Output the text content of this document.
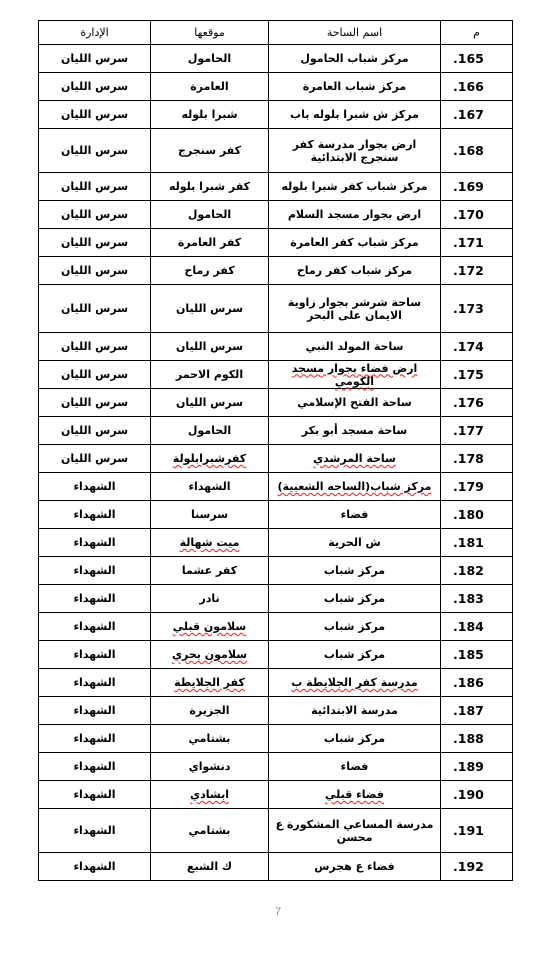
م	اسم الساحة	موقعها	الإدارة
.165	مركز شباب الحامول	الحامول	سرس الليان
.166	مركز شباب العامرة	العامرة	سرس الليان
.167	مركز ش شبرا بلوله باب	شبرا بلوله	سرس الليان
.168	ارض بجوار مدرسة كفر سنجرج الابتدائية	كفر سنجرج	سرس الليان
.169	مركز شباب كفر شبرا بلوله	كفر شبرا بلوله	سرس الليان
.170	ارض بجوار مسجد السلام	الحامول	سرس الليان
.171	مركز شباب كفر العامرة	كفر العامرة	سرس الليان
.172	مركز شباب كفر رماح	كفر رماح	سرس الليان
.173	ساحة شرشر بجوار زاوية الايمان على البحر	سرس الليان	سرس الليان
.174	ساحة المولد النبي	سرس الليان	سرس الليان
.175	ارض فضاء بجوار مسجد الكومي	الكوم الاحمر	سرس الليان
.176	ساحة الفتح الإسلامي	سرس الليان	سرس الليان
.177	ساحة مسجد أبو بكر	الحامول	سرس الليان
.178	ساحة المرشدي	كفرشبرابلولة	سرس الليان
.179	مركز شباب(الساحه الشعبية)	الشهداء	الشهداء
.180	فضاء	سرسنا	الشهداء
.181	ش الحرية	ميت شهالة	الشهداء
.182	مركز شباب	كفر عشما	الشهداء
.183	مركز شباب	نادر	الشهداء
.184	مركز شباب	سلامون قبلي	الشهداء
.185	مركز شباب	سلامون بحري	الشهداء
.186	مدرسة كفر الجلايطة ب	كفر الجلايطة	الشهداء
.187	مدرسة الابتدائية	الجزيرة	الشهداء
.188	مركز شباب	بشتامي	الشهداء
.189	فضاء	دنشواي	الشهداء
.190	فضاء قبلي	ابشادي	الشهداء
.191	مدرسة المساعي المشكورة ع محسن	بشتامي	الشهداء
.192	فضاء ع هجرس	ك الشبع	الشهداء
7
